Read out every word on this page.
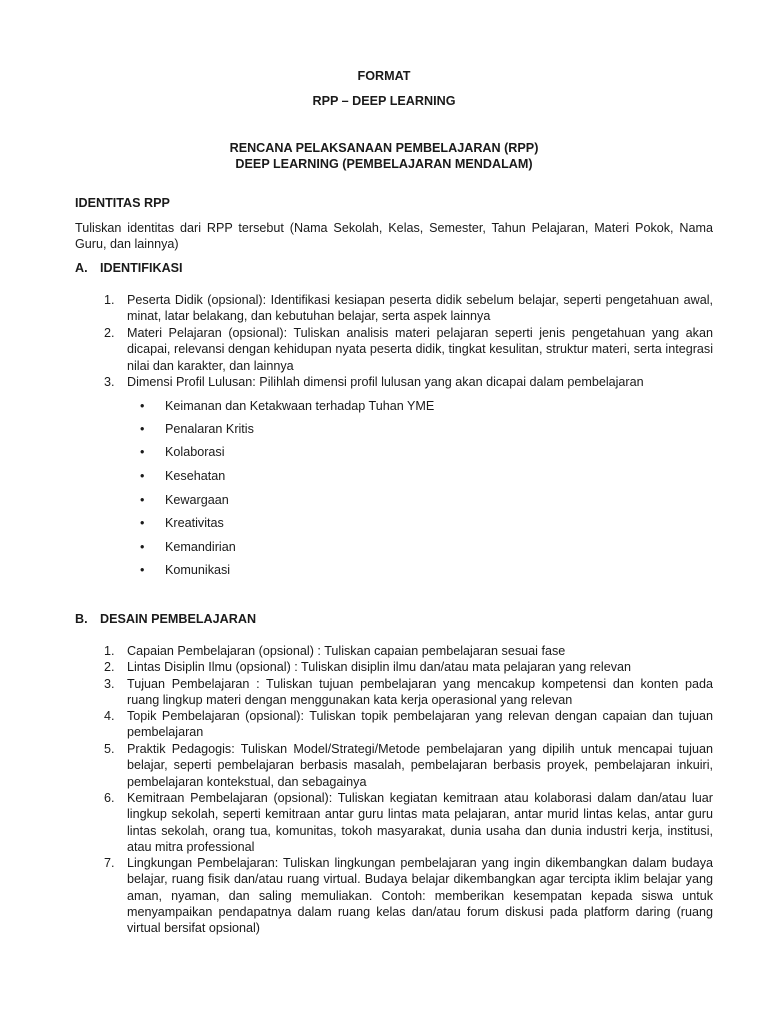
FORMAT
RPP – DEEP LEARNING
RENCANA PELAKSANAAN PEMBELAJARAN (RPP)
DEEP LEARNING (PEMBELAJARAN MENDALAM)
IDENTITAS RPP
Tuliskan identitas dari RPP tersebut (Nama Sekolah, Kelas, Semester, Tahun Pelajaran, Materi Pokok, Nama Guru, dan lainnya)
A. IDENTIFIKASI
1. Peserta Didik (opsional): Identifikasi kesiapan peserta didik sebelum belajar, seperti pengetahuan awal, minat, latar belakang, dan kebutuhan belajar, serta aspek lainnya
2. Materi Pelajaran (opsional): Tuliskan analisis materi pelajaran seperti jenis pengetahuan yang akan dicapai, relevansi dengan kehidupan nyata peserta didik, tingkat kesulitan, struktur materi, serta integrasi nilai dan karakter, dan lainnya
3. Dimensi Profil Lulusan: Pilihlah dimensi profil lulusan yang akan dicapai dalam pembelajaran
• Keimanan dan Ketakwaan terhadap Tuhan YME
• Penalaran Kritis
• Kolaborasi
• Kesehatan
• Kewargaan
• Kreativitas
• Kemandirian
• Komunikasi
B. DESAIN PEMBELAJARAN
1. Capaian Pembelajaran (opsional) : Tuliskan capaian pembelajaran sesuai fase
2. Lintas Disiplin Ilmu (opsional) : Tuliskan disiplin ilmu dan/atau mata pelajaran yang relevan
3. Tujuan Pembelajaran : Tuliskan tujuan pembelajaran yang mencakup kompetensi dan konten pada ruang lingkup materi dengan menggunakan kata kerja operasional yang relevan
4. Topik Pembelajaran (opsional): Tuliskan topik pembelajaran yang relevan dengan capaian dan tujuan pembelajaran
5. Praktik Pedagogis: Tuliskan Model/Strategi/Metode pembelajaran yang dipilih untuk mencapai tujuan belajar, seperti pembelajaran berbasis masalah, pembelajaran berbasis proyek, pembelajaran inkuiri, pembelajaran kontekstual, dan sebagainya
6. Kemitraan Pembelajaran (opsional): Tuliskan kegiatan kemitraan atau kolaborasi dalam dan/atau luar lingkup sekolah, seperti kemitraan antar guru lintas mata pelajaran, antar murid lintas kelas, antar guru lintas sekolah, orang tua, komunitas, tokoh masyarakat, dunia usaha dan dunia industri kerja, institusi, atau mitra professional
7. Lingkungan Pembelajaran: Tuliskan lingkungan pembelajaran yang ingin dikembangkan dalam budaya belajar, ruang fisik dan/atau ruang virtual. Budaya belajar dikembangkan agar tercipta iklim belajar yang aman, nyaman, dan saling memuliakan. Contoh: memberikan kesempatan kepada siswa untuk menyampaikan pendapatnya dalam ruang kelas dan/atau forum diskusi pada platform daring (ruang virtual bersifat opsional)
